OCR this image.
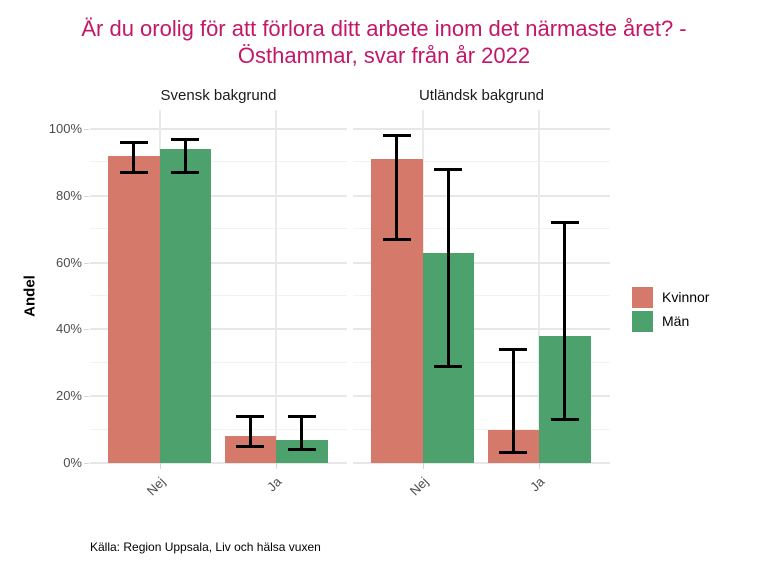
Är du orolig för att förlora ditt arbete inom det närmaste året? - Östhammar, svar från år 2022
Svensk bakgrund	Utländsk bakgrund
Andel
0%
20%
40%
60%
80%
100%
Nej	Ja	Nej	Ja
Kvinnor
Män
Källa: Region Uppsala, Liv och hälsa vuxen
